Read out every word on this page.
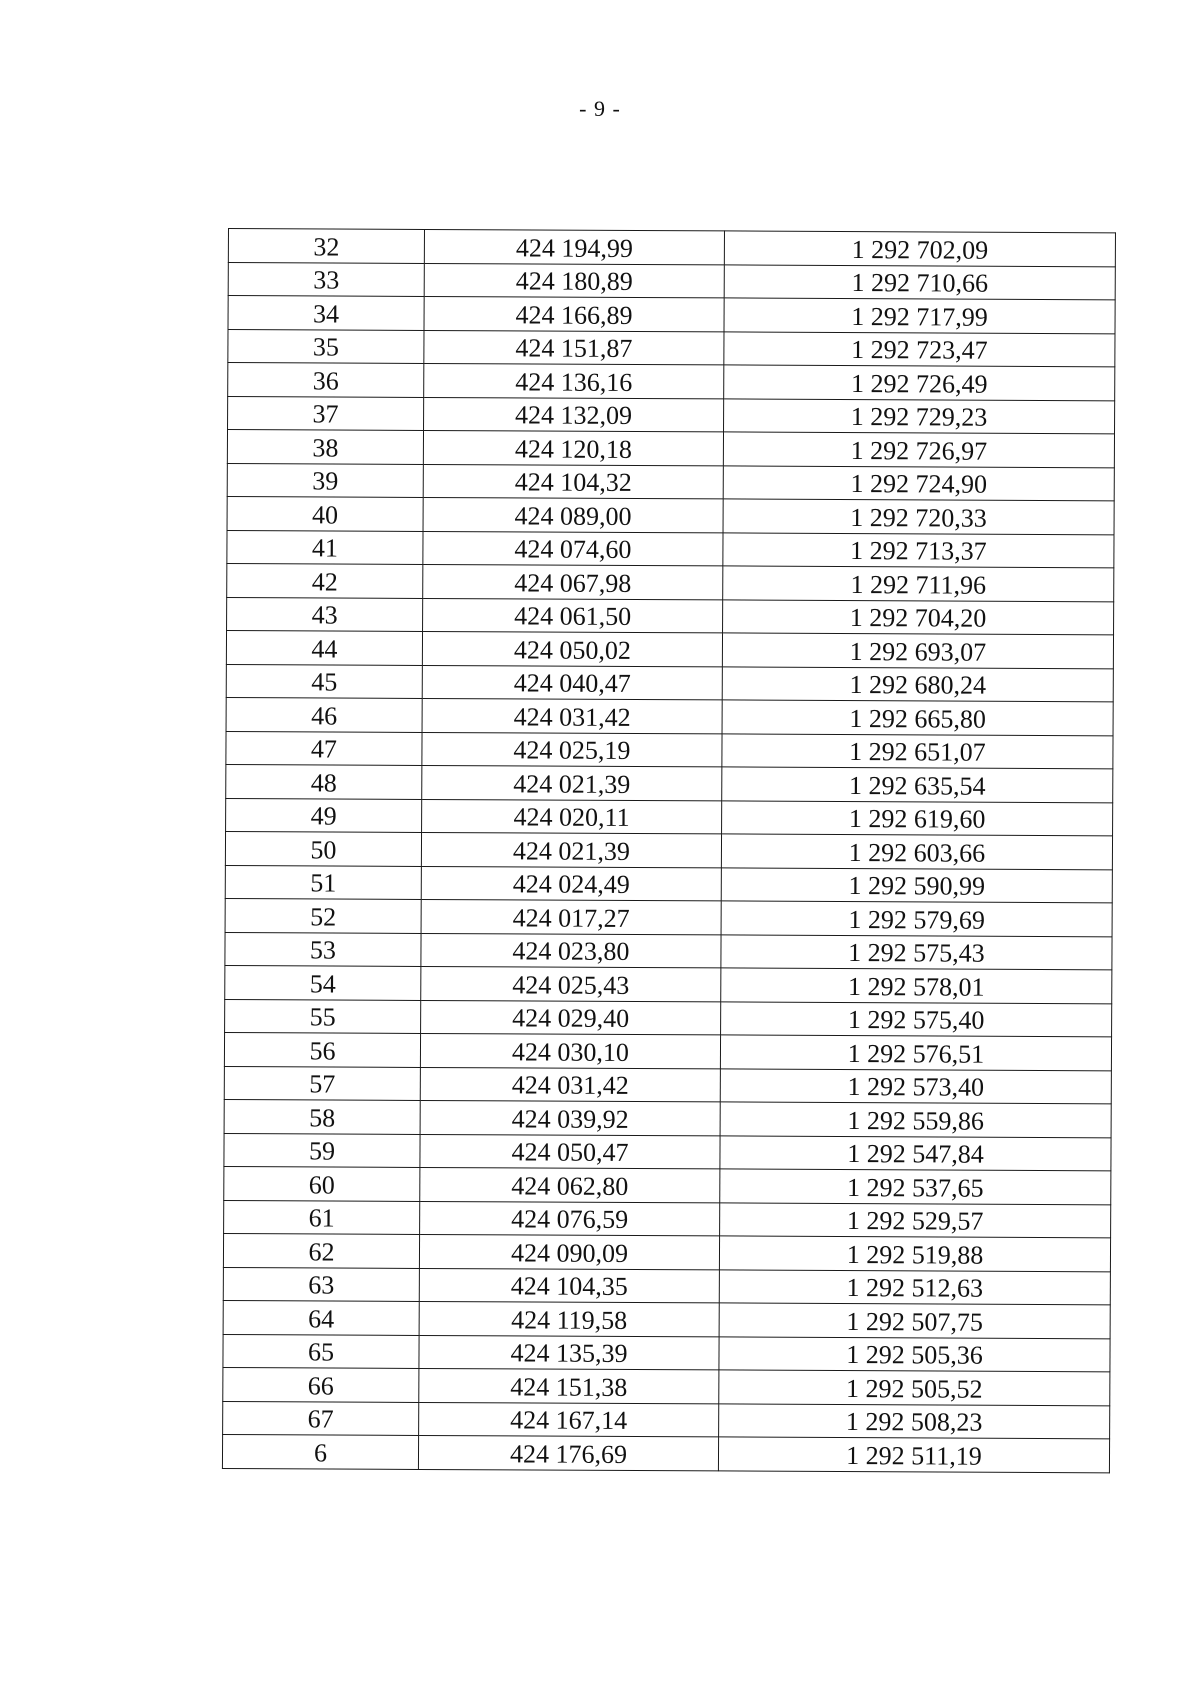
- 9 -
32	424 194,99	1 292 702,09
33	424 180,89	1 292 710,66
34	424 166,89	1 292 717,99
35	424 151,87	1 292 723,47
36	424 136,16	1 292 726,49
37	424 132,09	1 292 729,23
38	424 120,18	1 292 726,97
39	424 104,32	1 292 724,90
40	424 089,00	1 292 720,33
41	424 074,60	1 292 713,37
42	424 067,98	1 292 711,96
43	424 061,50	1 292 704,20
44	424 050,02	1 292 693,07
45	424 040,47	1 292 680,24
46	424 031,42	1 292 665,80
47	424 025,19	1 292 651,07
48	424 021,39	1 292 635,54
49	424 020,11	1 292 619,60
50	424 021,39	1 292 603,66
51	424 024,49	1 292 590,99
52	424 017,27	1 292 579,69
53	424 023,80	1 292 575,43
54	424 025,43	1 292 578,01
55	424 029,40	1 292 575,40
56	424 030,10	1 292 576,51
57	424 031,42	1 292 573,40
58	424 039,92	1 292 559,86
59	424 050,47	1 292 547,84
60	424 062,80	1 292 537,65
61	424 076,59	1 292 529,57
62	424 090,09	1 292 519,88
63	424 104,35	1 292 512,63
64	424 119,58	1 292 507,75
65	424 135,39	1 292 505,36
66	424 151,38	1 292 505,52
67	424 167,14	1 292 508,23
6	424 176,69	1 292 511,19
